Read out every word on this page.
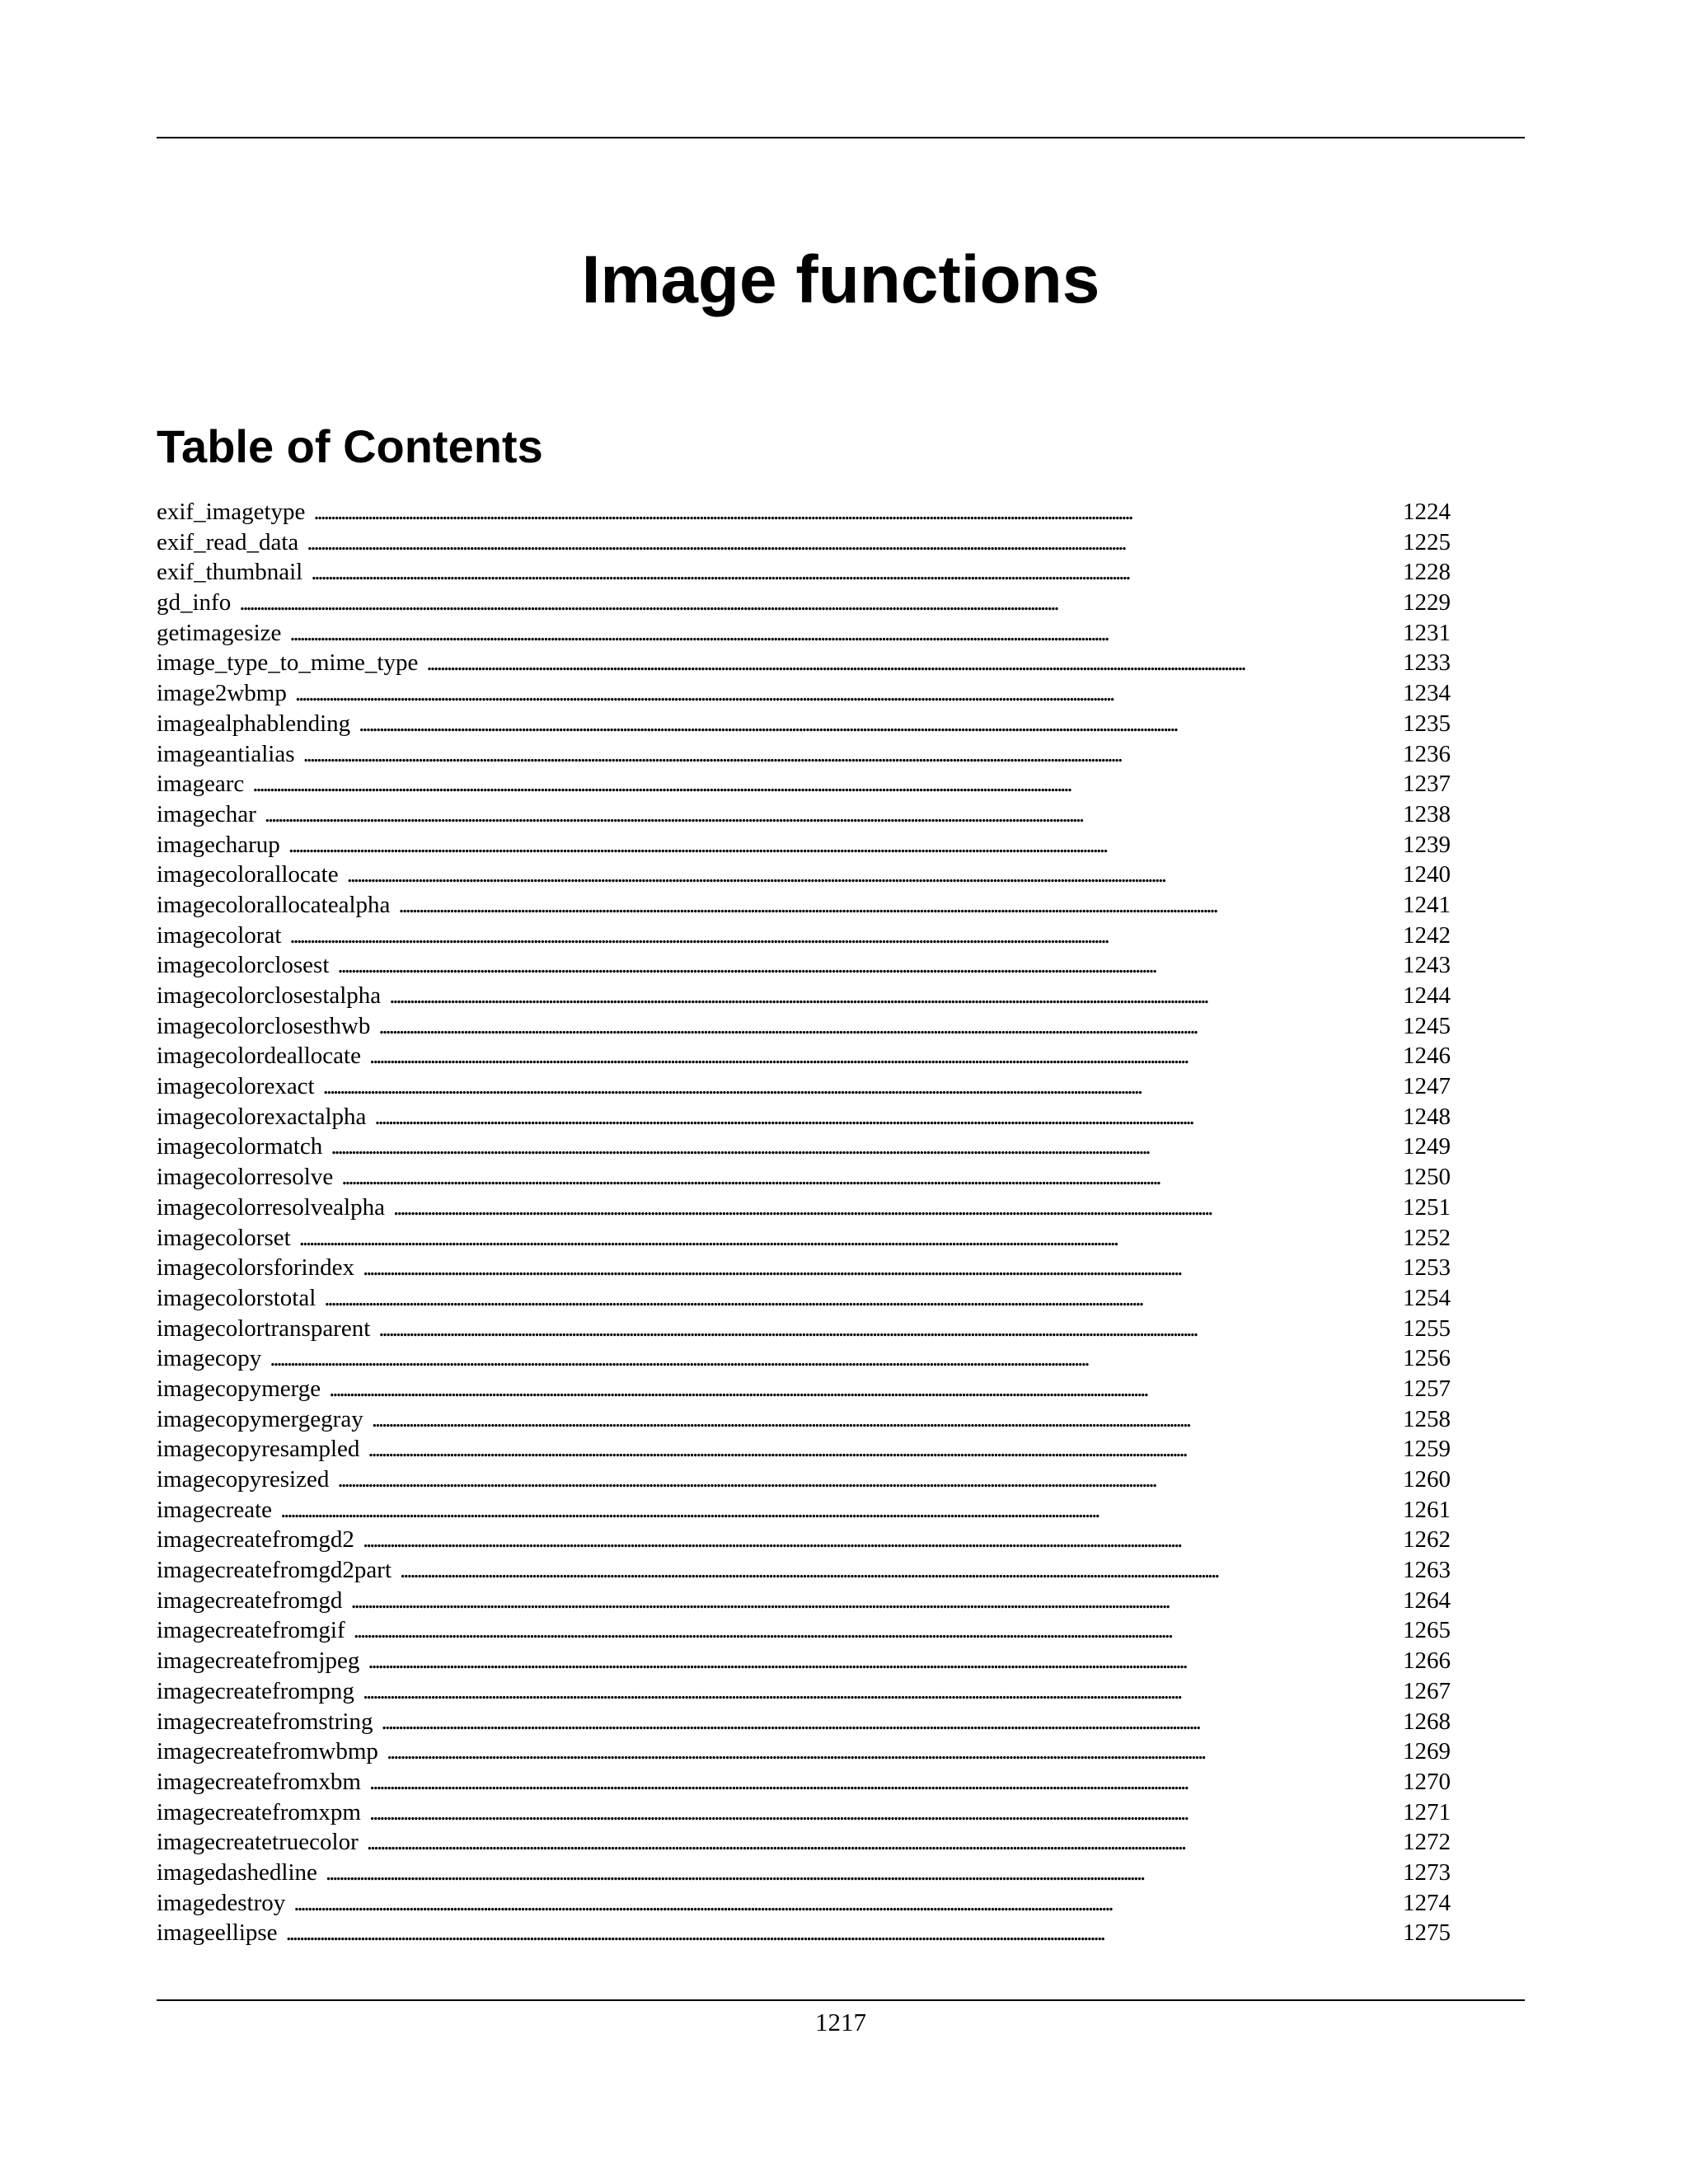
Image functions
Table of Contents
exif_imagetype . . .	1224
exif_read_data . . .	1225
exif_thumbnail . . .	1228
gd_info . . .	1229
getimagesize . . .	1231
image_type_to_mime_type . . .	1233
image2wbmp . . .	1234
imagealphablending . . .	1235
imageantialias . . .	1236
imagearc . . .	1237
imagechar . . .	1238
imagecharup . . .	1239
imagecolorallocate . . .	1240
imagecolorallocatealpha . . .	1241
imagecolorat . . .	1242
imagecolorclosest . . .	1243
imagecolorclosestalpha . . .	1244
imagecolorclosesthwb . . .	1245
imagecolordeallocate . . .	1246
imagecolorexact . . .	1247
imagecolorexactalpha . . .	1248
imagecolormatch . . .	1249
imagecolorresolve . . .	1250
imagecolorresolvealpha . . .	1251
imagecolorset . . .	1252
imagecolorsforindex . . .	1253
imagecolorstotal . . .	1254
imagecolortransparent . . .	1255
imagecopy . . .	1256
imagecopymerge . . .	1257
imagecopymergegray . . .	1258
imagecopyresampled . . .	1259
imagecopyresized . . .	1260
imagecreate . . .	1261
imagecreatefromgd2 . . .	1262
imagecreatefromgd2part . . .	1263
imagecreatefromgd . . .	1264
imagecreatefromgif . . .	1265
imagecreatefromjpeg . . .	1266
imagecreatefrompng . . .	1267
imagecreatefromstring . . .	1268
imagecreatefromwbmp . . .	1269
imagecreatefromxbm . . .	1270
imagecreatefromxpm . . .	1271
imagecreatetruecolor . . .	1272
imagedashedline . . .	1273
imagedestroy . . .	1274
imageellipse . . .	1275
1217
